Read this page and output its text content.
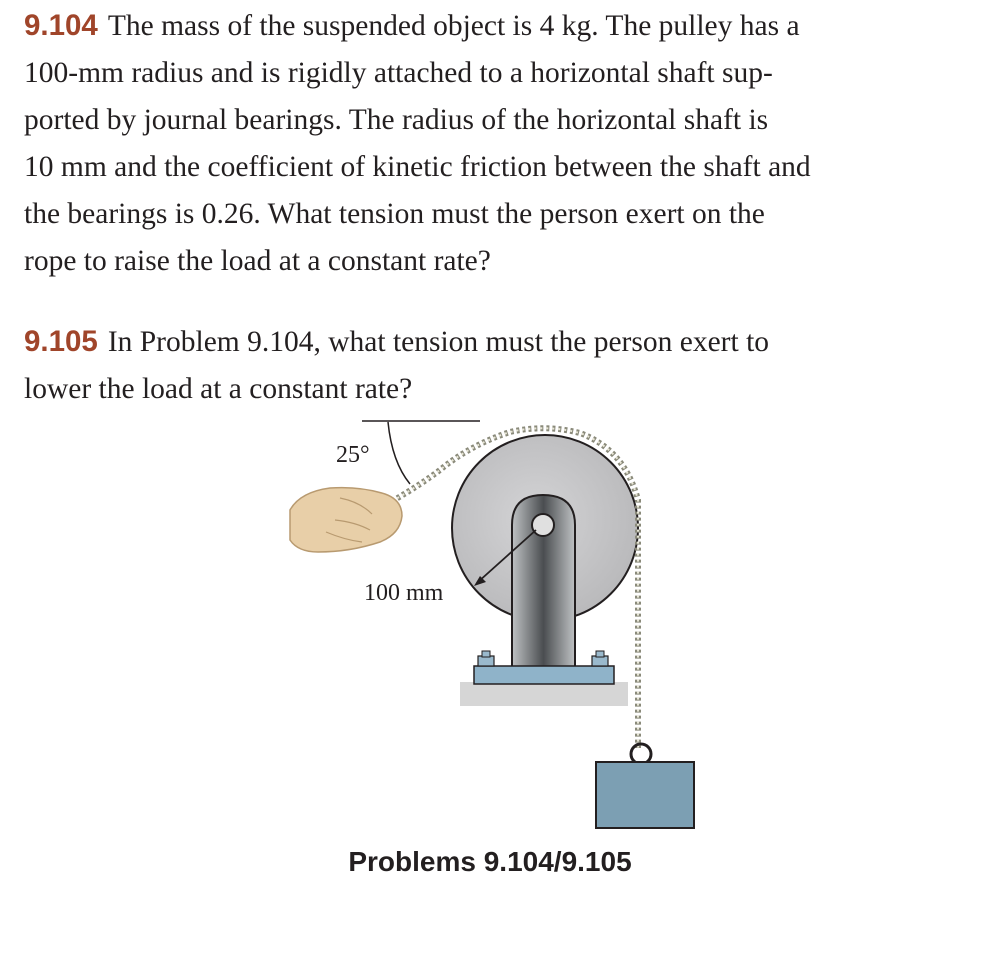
9.104 The mass of the suspended object is 4 kg. The pulley has a
100-mm radius and is rigidly attached to a horizontal shaft sup-
ported by journal bearings. The radius of the horizontal shaft is
10 mm and the coefficient of kinetic friction between the shaft and
the bearings is 0.26. What tension must the person exert on the
rope to raise the load at a constant rate?

9.105 In Problem 9.104, what tension must the person exert to
lower the load at a constant rate?

25°
100 mm
Problems 9.104/9.105
